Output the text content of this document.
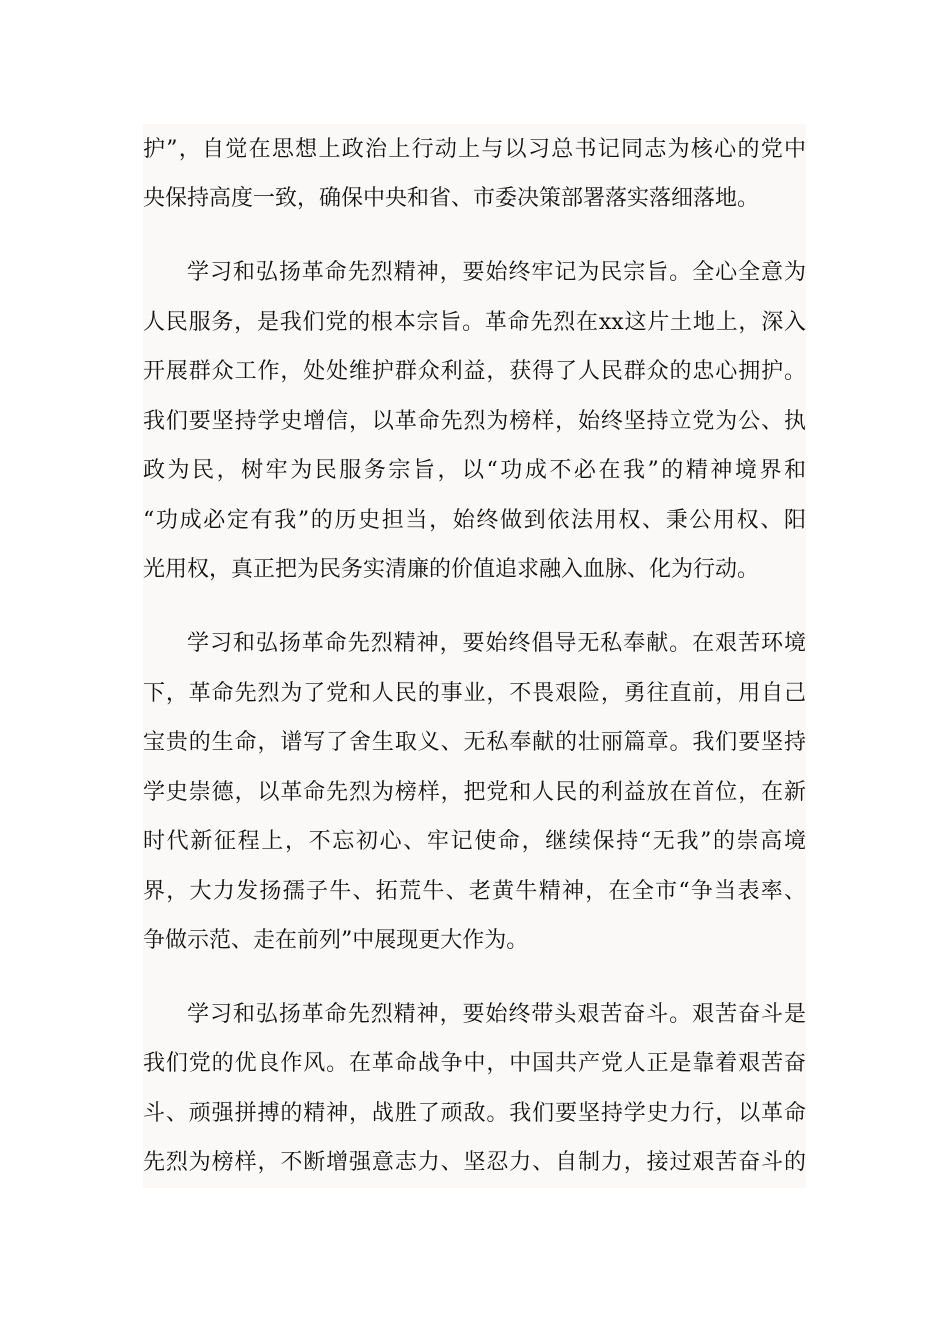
护”，自觉在思想上政治上行动上与以习总书记同志为核心的党中
央保持高度一致，确保中央和省、市委决策部署落实落细落地。
学习和弘扬革命先烈精神，要始终牢记为民宗旨。全心全意为
人民服务，是我们党的根本宗旨。革命先烈在xx这片土地上，深入
开展群众工作，处处维护群众利益，获得了人民群众的忠心拥护。
我们要坚持学史增信，以革命先烈为榜样，始终坚持立党为公、执
政为民，树牢为民服务宗旨，以“功成不必在我”的精神境界和
“功成必定有我”的历史担当，始终做到依法用权、秉公用权、阳
光用权，真正把为民务实清廉的价值追求融入血脉、化为行动。
学习和弘扬革命先烈精神，要始终倡导无私奉献。在艰苦环境
下，革命先烈为了党和人民的事业，不畏艰险，勇往直前，用自己
宝贵的生命，谱写了舍生取义、无私奉献的壮丽篇章。我们要坚持
学史崇德，以革命先烈为榜样，把党和人民的利益放在首位，在新
时代新征程上，不忘初心、牢记使命，继续保持“无我”的崇高境
界，大力发扬孺子牛、拓荒牛、老黄牛精神，在全市“争当表率、
争做示范、走在前列”中展现更大作为。
学习和弘扬革命先烈精神，要始终带头艰苦奋斗。艰苦奋斗是
我们党的优良作风。在革命战争中，中国共产党人正是靠着艰苦奋
斗、顽强拼搏的精神，战胜了顽敌。我们要坚持学史力行，以革命
先烈为榜样，不断增强意志力、坚忍力、自制力，接过艰苦奋斗的
